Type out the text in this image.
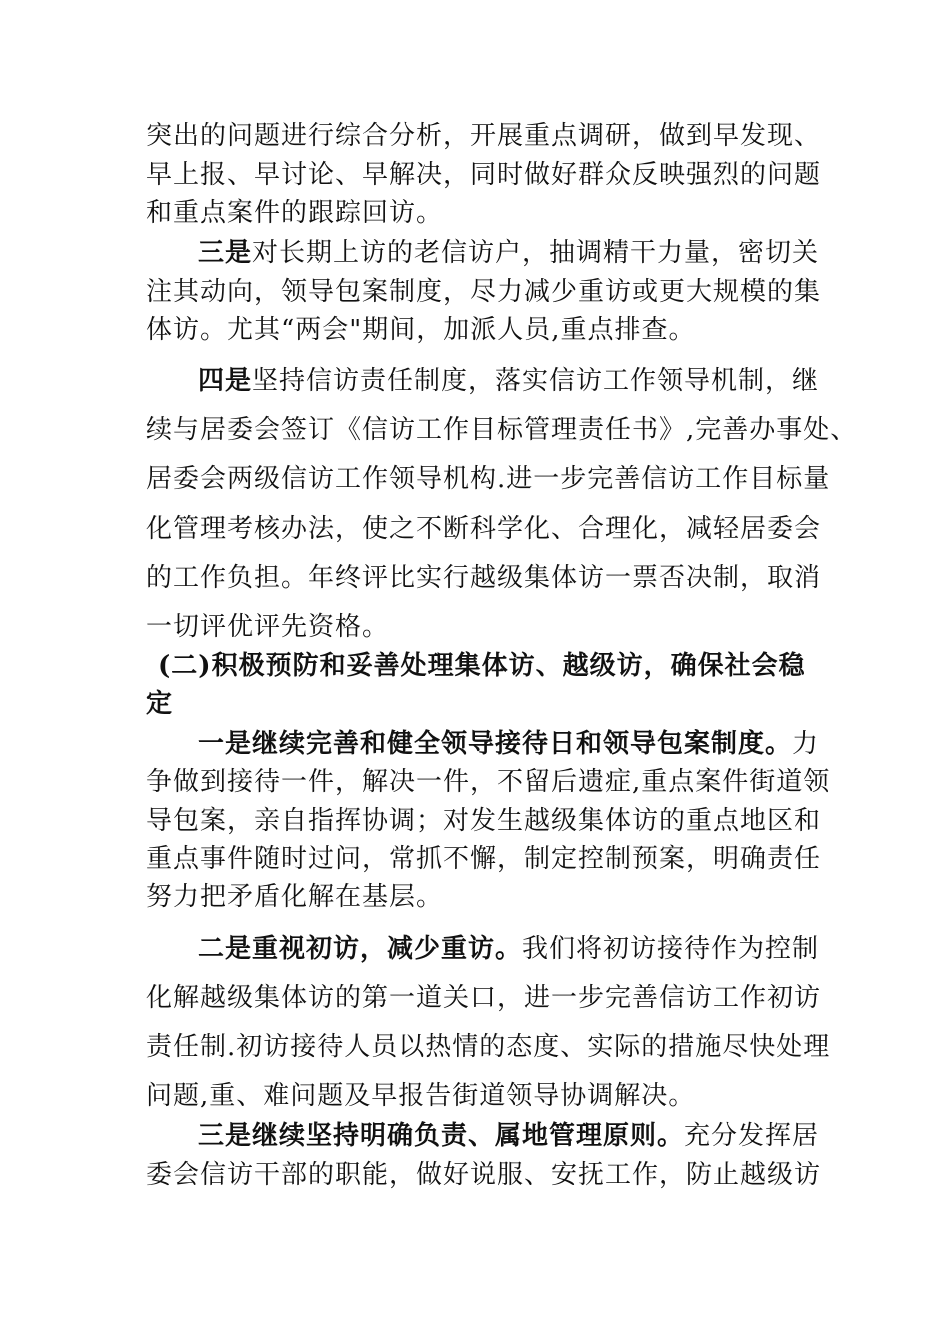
突出的问题进行综合分析，开展重点调研，做到早发现、
早上报、早讨论、早解决，同时做好群众反映强烈的问题
和重点案件的跟踪回访。
三是对长期上访的老信访户，抽调精干力量，密切关
注其动向，领导包案制度，尽力减少重访或更大规模的集
体访。尤其“两会"期间，加派人员,重点排查。
四是坚持信访责任制度，落实信访工作领导机制，继
续与居委会签订《信访工作目标管理责任书》,完善办事处、
居委会两级信访工作领导机构.进一步完善信访工作目标量
化管理考核办法，使之不断科学化、合理化，减轻居委会
的工作负担。年终评比实行越级集体访一票否决制，取消
一切评优评先资格。
(二)积极预防和妥善处理集体访、越级访，确保社会稳
定
一是继续完善和健全领导接待日和领导包案制度。力
争做到接待一件，解决一件，不留后遗症,重点案件街道领
导包案，亲自指挥协调；对发生越级集体访的重点地区和
重点事件随时过问，常抓不懈，制定控制预案，明确责任
努力把矛盾化解在基层。
二是重视初访，减少重访。我们将初访接待作为控制
化解越级集体访的第一道关口，进一步完善信访工作初访
责任制.初访接待人员以热情的态度、实际的措施尽快处理
问题,重、难问题及早报告街道领导协调解决。
三是继续坚持明确负责、属地管理原则。充分发挥居
委会信访干部的职能，做好说服、安抚工作，防止越级访
